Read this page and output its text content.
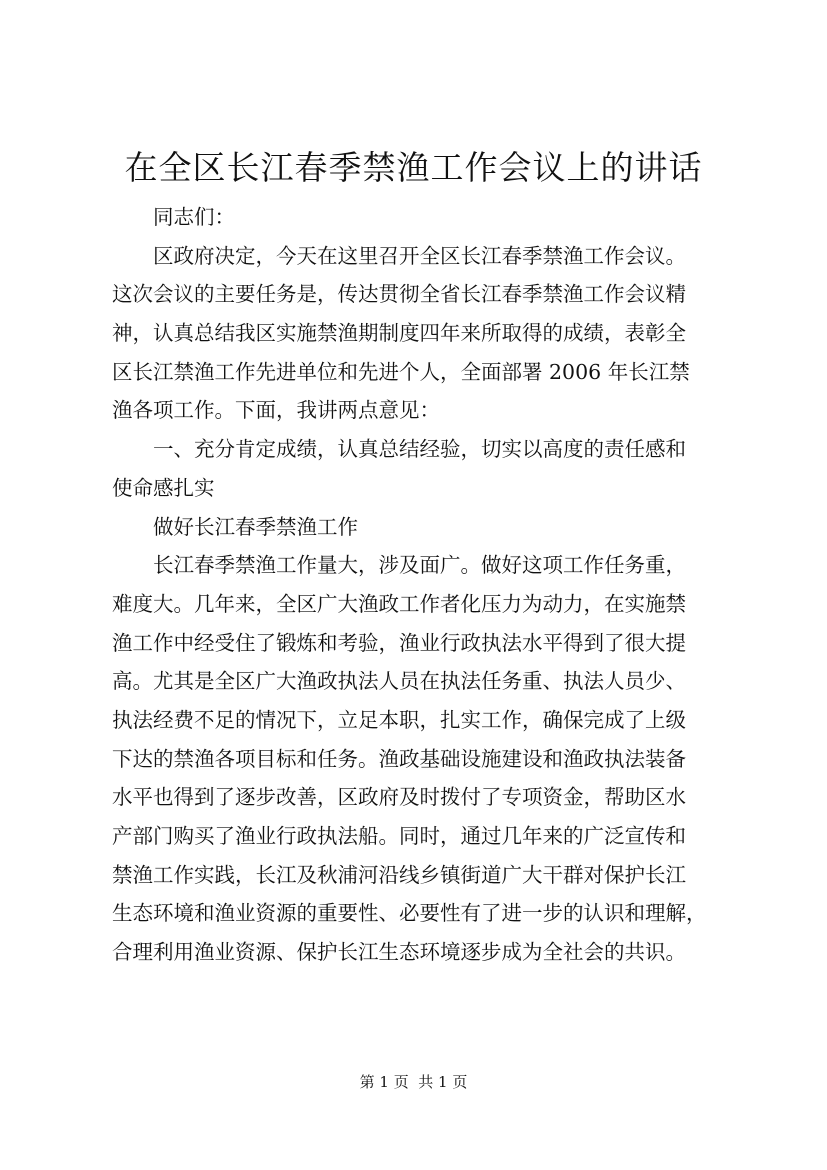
在全区长江春季禁渔工作会议上的讲话
同志们：
区政府决定，今天在这里召开全区长江春季禁渔工作会议。
这次会议的主要任务是，传达贯彻全省长江春季禁渔工作会议精
神，认真总结我区实施禁渔期制度四年来所取得的成绩，表彰全
区长江禁渔工作先进单位和先进个人，全面部署 2006 年长江禁
渔各项工作。下面，我讲两点意见：
一、充分肯定成绩，认真总结经验，切实以高度的责任感和
使命感扎实
做好长江春季禁渔工作
长江春季禁渔工作量大，涉及面广。做好这项工作任务重，
难度大。几年来，全区广大渔政工作者化压力为动力，在实施禁
渔工作中经受住了锻炼和考验，渔业行政执法水平得到了很大提
高。尤其是全区广大渔政执法人员在执法任务重、执法人员少、
执法经费不足的情况下，立足本职，扎实工作，确保完成了上级
下达的禁渔各项目标和任务。渔政基础设施建设和渔政执法装备
水平也得到了逐步改善，区政府及时拨付了专项资金，帮助区水
产部门购买了渔业行政执法船。同时，通过几年来的广泛宣传和
禁渔工作实践，长江及秋浦河沿线乡镇街道广大干群对保护长江
生态环境和渔业资源的重要性、必要性有了进一步的认识和理解，
合理利用渔业资源、保护长江生态环境逐步成为全社会的共识。
第 1 页  共 1 页
